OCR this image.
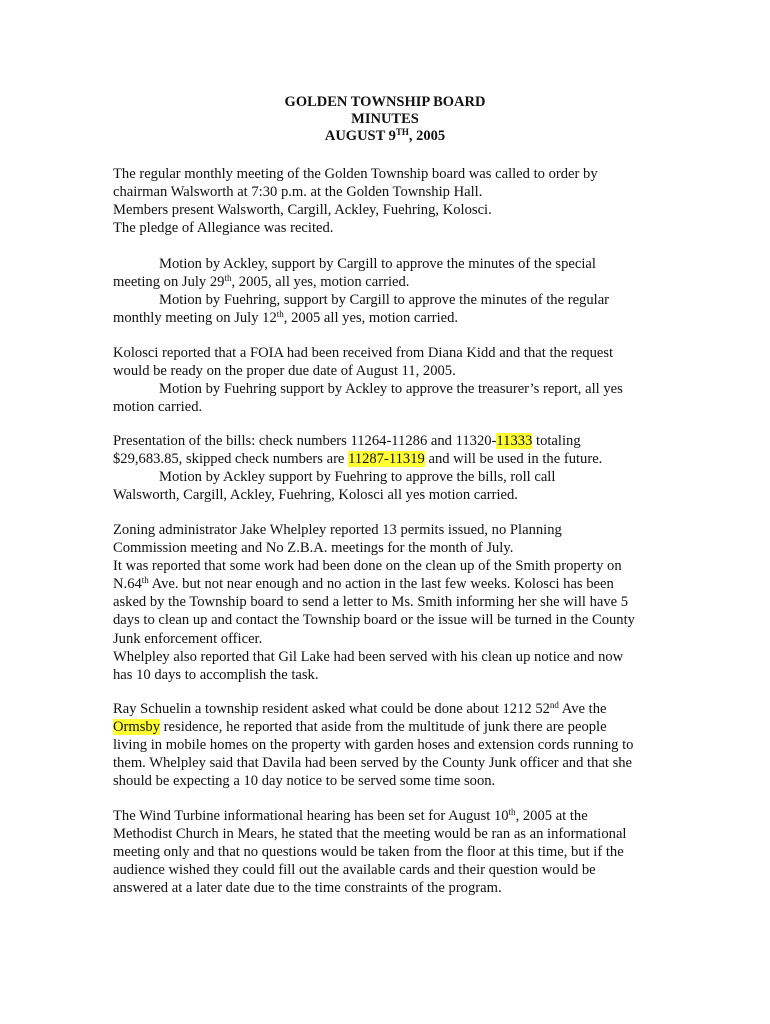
GOLDEN TOWNSHIP BOARD
MINUTES
AUGUST 9TH, 2005
The regular monthly meeting of the Golden Township board was called to order by
chairman Walsworth at 7:30 p.m. at the Golden Township Hall.
Members present Walsworth, Cargill, Ackley, Fuehring, Kolosci.
The pledge of Allegiance was recited.
Motion by Ackley, support by Cargill to approve the minutes of the special
meeting on July 29th, 2005, all yes, motion carried.
Motion by Fuehring, support by Cargill to approve the minutes of the regular
monthly meeting on July 12th, 2005 all yes, motion carried.
Kolosci reported that a FOIA had been received from Diana Kidd and that the request
would be ready on the proper due date of August 11, 2005.
Motion by Fuehring support by Ackley to approve the treasurer’s report, all yes
motion carried.
Presentation of the bills: check numbers 11264-11286 and 11320-11333 totaling
$29,683.85, skipped check numbers are 11287-11319 and will be used in the future.
Motion by Ackley support by Fuehring to approve the bills, roll call
Walsworth, Cargill, Ackley, Fuehring, Kolosci all yes motion carried.
Zoning administrator Jake Whelpley reported 13 permits issued, no Planning
Commission meeting and No Z.B.A. meetings for the month of July.
It was reported that some work had been done on the clean up of the Smith property on
N.64th Ave. but not near enough and no action in the last few weeks. Kolosci has been
asked by the Township board to send a letter to Ms. Smith informing her she will have 5
days to clean up and contact the Township board or the issue will be turned in the County
Junk enforcement officer.
Whelpley also reported that Gil Lake had been served with his clean up notice and now
has 10 days to accomplish the task.
Ray Schuelin a township resident asked what could be done about 1212 52nd Ave the
Ormsby residence, he reported that aside from the multitude of junk there are people
living in mobile homes on the property with garden hoses and extension cords running to
them. Whelpley said that Davila had been served by the County Junk officer and that she
should be expecting a 10 day notice to be served some time soon.
The Wind Turbine informational hearing has been set for August 10th, 2005 at the
Methodist Church in Mears, he stated that the meeting would be ran as an informational
meeting only and that no questions would be taken from the floor at this time, but if the
audience wished they could fill out the available cards and their question would be
answered at a later date due to the time constraints of the program.
